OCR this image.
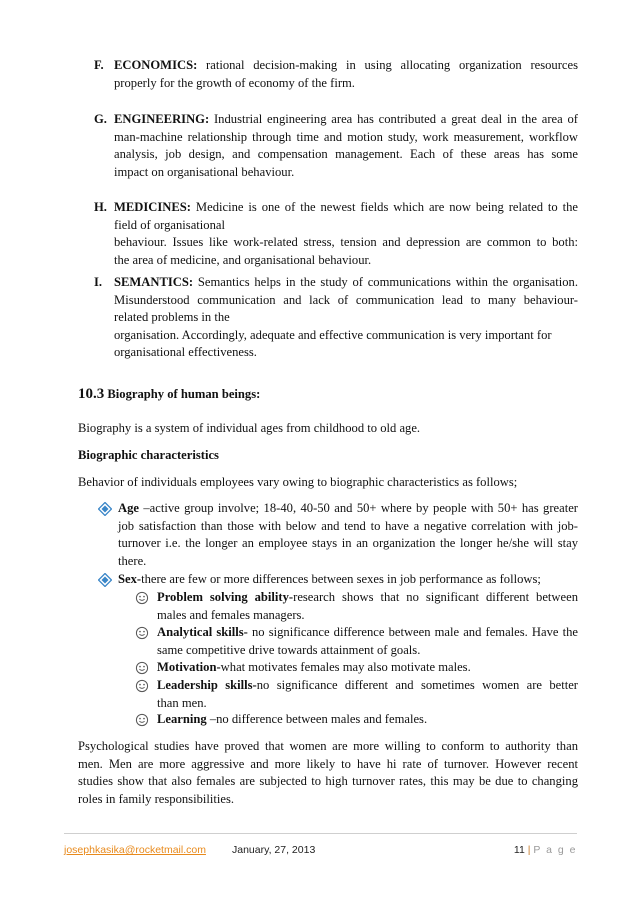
F. ECONOMICS: rational decision-making in using allocating organization resources
properly for the growth of economy of the firm.
G. ENGINEERING: Industrial engineering area has contributed a great deal in the area of
man-machine relationship through time and motion study, work measurement, workflow
analysis, job design, and compensation management. Each of these areas has some
impact on organisational behaviour.
H. MEDICINES: Medicine is one of the newest fields which are now being related to the
field of organisational
behaviour. Issues like work-related stress, tension and depression are common to both:
the area of medicine, and organisational behaviour.
I. SEMANTICS: Semantics helps in the study of communications within the organisation.
Misunderstood communication and lack of communication lead to many behaviour-
related problems in the
organisation. Accordingly, adequate and effective communication is very important for
organisational effectiveness.
10.3 Biography of human beings:
Biography is a system of individual ages from childhood to old age.
Biographic characteristics
Behavior of individuals employees vary owing to biographic characteristics as follows;
Age –active group involve; 18-40, 40-50 and 50+ where by people with 50+ has greater
job satisfaction than those with below and tend to have a negative correlation with job-
turnover i.e. the longer an employee stays in an organization the longer he/she will stay
there.
Sex-there are few or more differences between sexes in job performance as follows;
Problem solving ability-research shows that no significant different between
males and females managers.
Analytical skills- no significance difference between male and females. Have the
same competitive drive towards attainment of goals.
Motivation-what motivates females may also motivate males.
Leadership skills-no significance different and sometimes women are better
than men.
Learning –no difference between males and females.
Psychological studies have proved that women are more willing to conform to authority than
men. Men are more aggressive and more likely to have hi rate of turnover. However recent
studies show that also females are subjected to high turnover rates, this may be due to changing
roles in family responsibilities.
josephkasika@rocketmail.com January, 27, 2013	11 | P a g e
